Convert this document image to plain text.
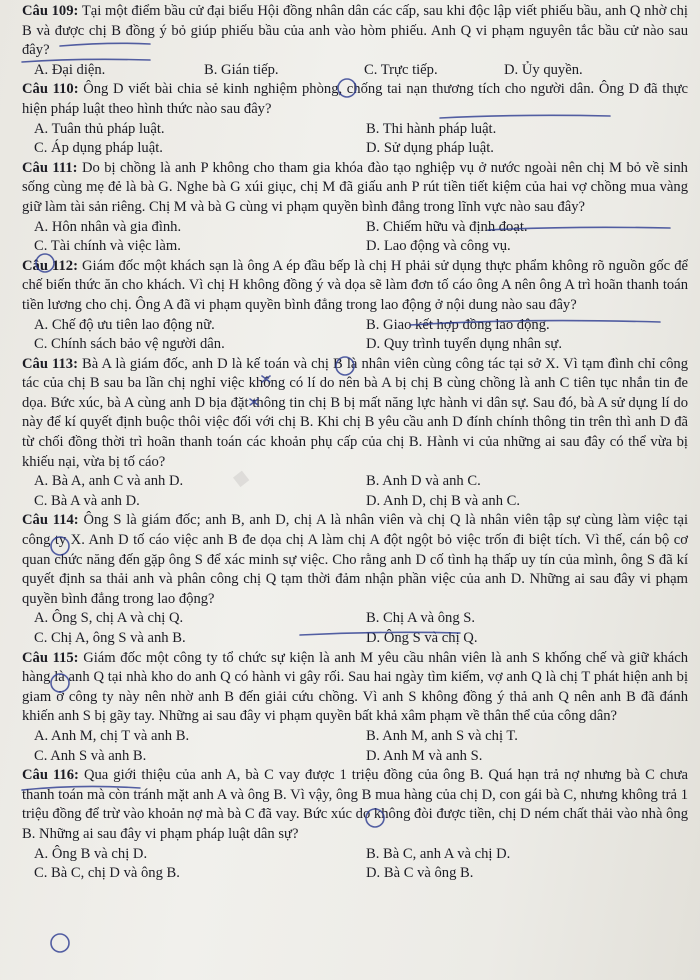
·
Câu 109: Tại một điểm bầu cử đại biểu Hội đồng nhân dân các cấp, sau khi độc lập viết phiếu bầu, anh Q nhờ chị B và được chị B đồng ý bỏ giúp phiếu bầu của anh vào hòm phiếu. Anh Q vi phạm nguyên tắc bầu cử nào sau đây?
A. Đại diện.	B. Gián tiếp.	C. Trực tiếp.	D. Ủy quyền.
Câu 110: Ông D viết bài chia sẻ kinh nghiệm phòng, chống tai nạn thương tích cho người dân. Ông D đã thực hiện pháp luật theo hình thức nào sau đây?
A. Tuân thủ pháp luật.	B. Thi hành pháp luật.
C. Áp dụng pháp luật.	D. Sử dụng pháp luật.
Câu 111: Do bị chồng là anh P không cho tham gia khóa đào tạo nghiệp vụ ở nước ngoài nên chị M bỏ về sinh sống cùng mẹ đẻ là bà G. Nghe bà G xúi giục, chị M đã giấu anh P rút tiền tiết kiệm của hai vợ chồng mua vàng giữ làm tài sản riêng. Chị M và bà G cùng vi phạm quyền bình đẳng trong lĩnh vực nào sau đây?
A. Hôn nhân và gia đình.	B. Chiếm hữu và định đoạt.
C. Tài chính và việc làm.	D. Lao động và công vụ.
Câu 112: Giám đốc một khách sạn là ông A ép đầu bếp là chị H phải sử dụng thực phẩm không rõ nguồn gốc để chế biến thức ăn cho khách. Vì chị H không đồng ý và dọa sẽ làm đơn tố cáo ông A nên ông A trì hoãn thanh toán tiền lương cho chị. Ông A đã vi phạm quyền bình đẳng trong lao động ở nội dung nào sau đây?
A. Chế độ ưu tiên lao động nữ.	B. Giao kết hợp đồng lao động.
C. Chính sách bảo vệ người dân.	D. Quy trình tuyển dụng nhân sự.
Câu 113: Bà A là giám đốc, anh D là kế toán và chị B là nhân viên cùng công tác tại sở X. Vì tạm đình chỉ công tác của chị B sau ba lần chị nghỉ việc không có lí do nên bà A bị chị B cùng chồng là anh C tiên tục nhắn tin đe dọa. Bức xúc, bà A cùng anh D bịa đặt thông tin chị B bị mất năng lực hành vi dân sự. Sau đó, bà A sử dụng lí do này để kí quyết định buộc thôi việc đối với chị B. Khi chị B yêu cầu anh D đính chính thông tin trên thì anh D đã từ chối đồng thời trì hoãn thanh toán các khoản phụ cấp của chị B. Hành vi của những ai sau đây có thể vừa bị khiếu nại, vừa bị tố cáo?
A. Bà A, anh C và anh D.	B. Anh D và anh C.
C. Bà A và anh D.	D. Anh D, chị B và anh C.
Câu 114: Ông S là giám đốc; anh B, anh D, chị A là nhân viên và chị Q là nhân viên tập sự cùng làm việc tại công ty X. Anh D tố cáo việc anh B đe dọa chị A làm chị A đột ngột bỏ việc trốn đi biệt tích. Vì thế, cán bộ cơ quan chức năng đến gặp ông S để xác minh sự việc. Cho rằng anh D cố tình hạ thấp uy tín của mình, ông S đã kí quyết định sa thải anh và phân công chị Q tạm thời đảm nhận phần việc của anh D. Những ai sau đây vi phạm quyền bình đẳng trong lao động?
A. Ông S, chị A và chị Q.	B. Chị A và ông S.
C. Chị A, ông S và anh B.	D. Ông S và chị Q.
Câu 115: Giám đốc một công ty tổ chức sự kiện là anh M yêu cầu nhân viên là anh S khống chế và giữ khách hàng là anh Q tại nhà kho do anh Q có hành vi gây rối. Sau hai ngày tìm kiếm, vợ anh Q là chị T phát hiện anh bị giam ở công ty này nên nhờ anh B đến giải cứu chồng. Vì anh S không đồng ý thả anh Q nên anh B đã đánh khiến anh S bị gãy tay. Những ai sau đây vi phạm quyền bất khả xâm phạm về thân thể của công dân?
A. Anh M, chị T và anh B.	B. Anh M, anh S và chị T.
C. Anh S và anh B.	D. Anh M và anh S.
Câu 116: Qua giới thiệu của anh A, bà C vay được 1 triệu đồng của ông B. Quá hạn trả nợ nhưng bà C chưa thanh toán mà còn tránh mặt anh A và ông B. Vì vậy, ông B mua hàng của chị D, con gái bà C, nhưng không trả 1 triệu đồng để trừ vào khoản nợ mà bà C đã vay. Bức xúc do không đòi được tiền, chị D ném chất thải vào nhà ông B. Những ai sau đây vi phạm pháp luật dân sự?
A. Ông B và chị D.	B. Bà C, anh A và chị D.
C. Bà C, chị D và ông B.	D. Bà C và ông B.
